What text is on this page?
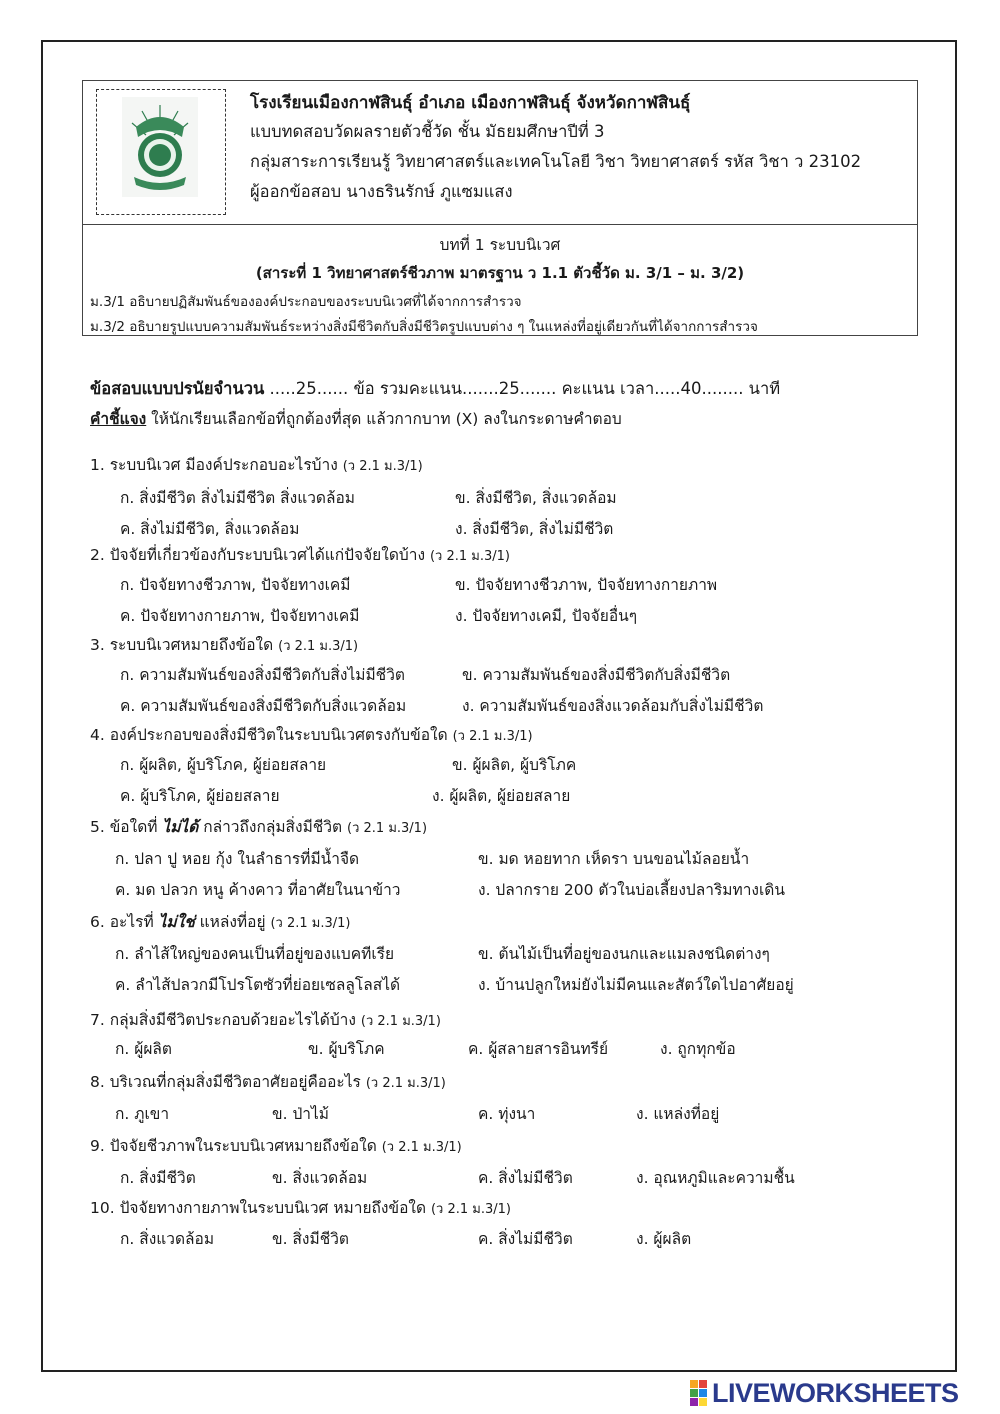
โรงเรียนเมืองกาฬสินธุ์ อำเภอ เมืองกาฬสินธุ์ จังหวัดกาฬสินธุ์
แบบทดสอบวัดผลรายตัวชี้วัด ชั้น มัธยมศึกษาปีที่ 3
กลุ่มสาระการเรียนรู้ วิทยาศาสตร์และเทคโนโลยี วิชา วิทยาศาสตร์ รหัส วิชา ว 23102
ผู้ออกข้อสอบ นางธรินรักษ์ ภูแซมแสง
บทที่ 1 ระบบนิเวศ
(สาระที่ 1 วิทยาศาสตร์ชีวภาพ มาตรฐาน ว 1.1 ตัวชี้วัด ม. 3/1 – ม. 3/2)
ม.3/1 อธิบายปฏิสัมพันธ์ขององค์ประกอบของระบบนิเวศที่ได้จากการสำรวจ
ม.3/2 อธิบายรูปแบบความสัมพันธ์ระหว่างสิ่งมีชีวิตกับสิ่งมีชีวิตรูปแบบต่าง ๆ ในแหล่งที่อยู่เดียวกันที่ได้จากการสำรวจ
ข้อสอบแบบปรนัยจำนวน .....25...... ข้อ รวมคะแนน.......25....... คะแนน เวลา.....40........ นาที
คำชี้แจง ให้นักเรียนเลือกข้อที่ถูกต้องที่สุด แล้วกากบาท (X) ลงในกระดาษคำตอบ
1. ระบบนิเวศ มีองค์ประกอบอะไรบ้าง (ว 2.1 ม.3/1)
ก. สิ่งมีชีวิต สิ่งไม่มีชีวิต สิ่งแวดล้อม	ข. สิ่งมีชีวิต, สิ่งแวดล้อม
ค. สิ่งไม่มีชีวิต, สิ่งแวดล้อม	ง. สิ่งมีชีวิต, สิ่งไม่มีชีวิต
2. ปัจจัยที่เกี่ยวข้องกับระบบนิเวศได้แก่ปัจจัยใดบ้าง (ว 2.1 ม.3/1)
ก. ปัจจัยทางชีวภาพ, ปัจจัยทางเคมี	ข. ปัจจัยทางชีวภาพ, ปัจจัยทางกายภาพ
ค. ปัจจัยทางกายภาพ, ปัจจัยทางเคมี	ง. ปัจจัยทางเคมี, ปัจจัยอื่นๆ
3. ระบบนิเวศหมายถึงข้อใด (ว 2.1 ม.3/1)
ก. ความสัมพันธ์ของสิ่งมีชีวิตกับสิ่งไม่มีชีวิต	ข. ความสัมพันธ์ของสิ่งมีชีวิตกับสิ่งมีชีวิต
ค. ความสัมพันธ์ของสิ่งมีชีวิตกับสิ่งแวดล้อม	ง. ความสัมพันธ์ของสิ่งแวดล้อมกับสิ่งไม่มีชีวิต
4. องค์ประกอบของสิ่งมีชีวิตในระบบนิเวศตรงกับข้อใด (ว 2.1 ม.3/1)
ก. ผู้ผลิต, ผู้บริโภค, ผู้ย่อยสลาย	ข. ผู้ผลิต, ผู้บริโภค
ค. ผู้บริโภค, ผู้ย่อยสลาย	ง. ผู้ผลิต, ผู้ย่อยสลาย
5. ข้อใดที่ ไม่ได้ กล่าวถึงกลุ่มสิ่งมีชีวิต (ว 2.1 ม.3/1)
ก. ปลา ปู หอย กุ้ง ในลำธารที่มีน้ำจืด	ข. มด หอยทาก เห็ดรา บนขอนไม้ลอยน้ำ
ค. มด ปลวก หนู ค้างคาว ที่อาศัยในนาข้าว	ง. ปลากราย 200 ตัวในบ่อเลี้ยงปลาริมทางเดิน
6. อะไรที่ ไม่ใช่ แหล่งที่อยู่ (ว 2.1 ม.3/1)
ก. ลำไส้ใหญ่ของคนเป็นที่อยู่ของแบคทีเรีย	ข. ต้นไม้เป็นที่อยู่ของนกและแมลงชนิดต่างๆ
ค. ลำไส้ปลวกมีโปรโตซัวที่ย่อยเซลลูโลสได้	ง. บ้านปลูกใหม่ยังไม่มีคนและสัตว์ใดไปอาศัยอยู่
7. กลุ่มสิ่งมีชีวิตประกอบด้วยอะไรได้บ้าง (ว 2.1 ม.3/1)
ก. ผู้ผลิต	ข. ผู้บริโภค	ค. ผู้สลายสารอินทรีย์	ง. ถูกทุกข้อ
8. บริเวณที่กลุ่มสิ่งมีชีวิตอาศัยอยู่คืออะไร (ว 2.1 ม.3/1)
ก. ภูเขา	ข. ป่าไม้	ค. ทุ่งนา	ง. แหล่งที่อยู่
9. ปัจจัยชีวภาพในระบบนิเวศหมายถึงข้อใด (ว 2.1 ม.3/1)
ก. สิ่งมีชีวิต	ข. สิ่งแวดล้อม	ค. สิ่งไม่มีชีวิต	ง. อุณหภูมิและความชื้น
10. ปัจจัยทางกายภาพในระบบนิเวศ หมายถึงข้อใด (ว 2.1 ม.3/1)
ก. สิ่งแวดล้อม	ข. สิ่งมีชีวิต	ค. สิ่งไม่มีชีวิต	ง. ผู้ผลิต
LIVEWORKSHEETS
